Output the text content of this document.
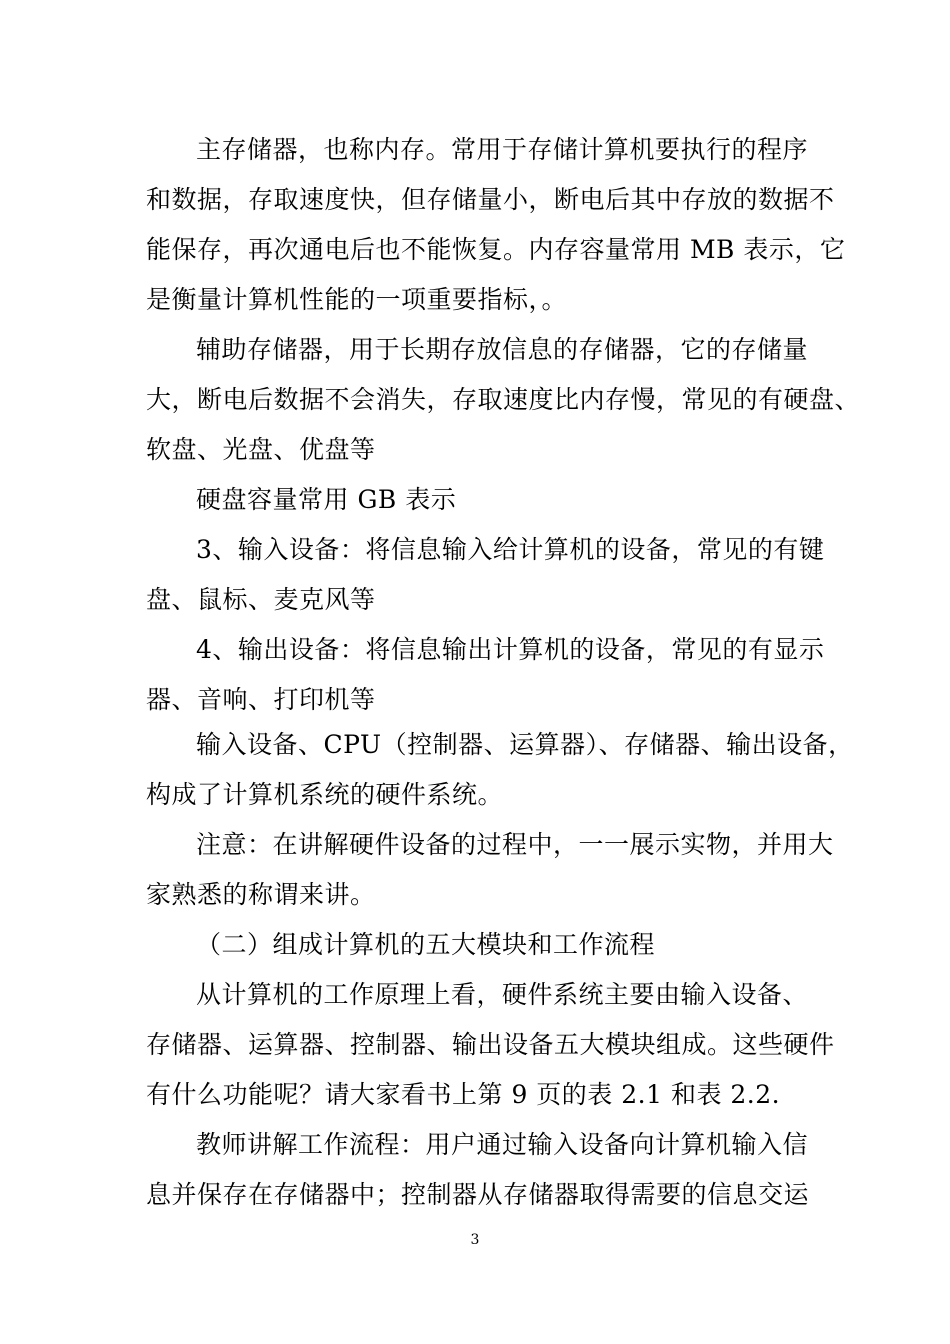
主存储器，也称内存。常用于存储计算机要执行的程序
和数据，存取速度快，但存储量小，断电后其中存放的数据不
能保存，再次通电后也不能恢复。内存容量常用 MB 表示，它
是衡量计算机性能的一项重要指标，。
辅助存储器，用于长期存放信息的存储器，它的存储量
大，断电后数据不会消失，存取速度比内存慢，常见的有硬盘、
软盘、光盘、优盘等
硬盘容量常用 GB 表示
3、输入设备：将信息输入给计算机的设备，常见的有键
盘、鼠标、麦克风等
4、输出设备：将信息输出计算机的设备，常见的有显示
器、音响、打印机等
输入设备、CPU（控制器、运算器）、存储器、输出设备，
构成了计算机系统的硬件系统。
注意：在讲解硬件设备的过程中，一一展示实物，并用大
家熟悉的称谓来讲。
（二）组成计算机的五大模块和工作流程
从计算机的工作原理上看，硬件系统主要由输入设备、
存储器、运算器、控制器、输出设备五大模块组成。这些硬件
有什么功能呢？请大家看书上第 9 页的表 2.1 和表 2.2.
教师讲解工作流程：用户通过输入设备向计算机输入信
息并保存在存储器中；控制器从存储器取得需要的信息交运
3
